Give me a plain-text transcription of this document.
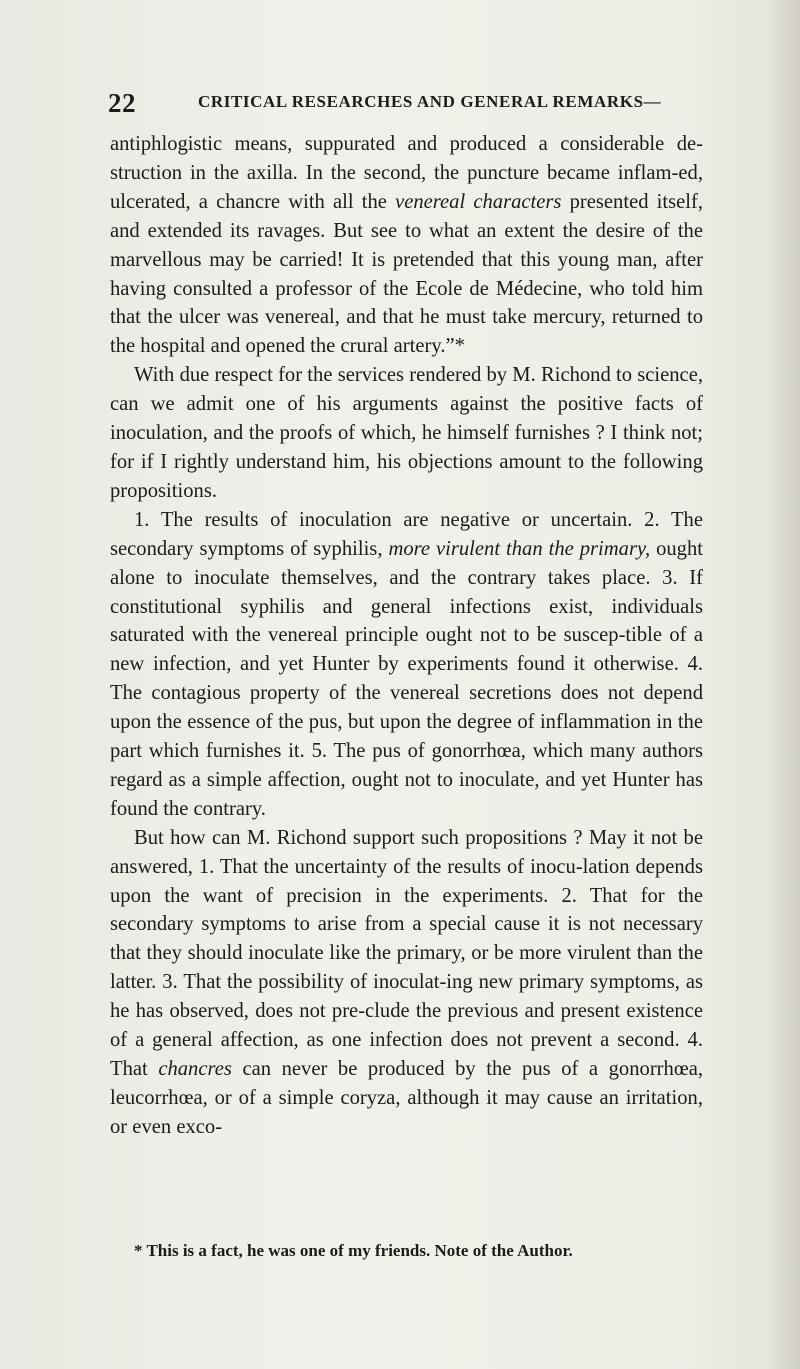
22	CRITICAL RESEARCHES AND GENERAL REMARKS—

antiphlogistic means, suppurated and produced a considerable de-struction in the axilla. In the second, the puncture became inflam-ed, ulcerated, a chancre with all the venereal characters presented itself, and extended its ravages. But see to what an extent the desire of the marvellous may be carried! It is pretended that this young man, after having consulted a professor of the Ecole de Médecine, who told him that the ulcer was venereal, and that he must take mercury, returned to the hospital and opened the crural artery.”*

With due respect for the services rendered by M. Richond to science, can we admit one of his arguments against the positive facts of inoculation, and the proofs of which, he himself furnishes ? I think not; for if I rightly understand him, his objections amount to the following propositions.

1. The results of inoculation are negative or uncertain. 2. The secondary symptoms of syphilis, more virulent than the primary, ought alone to inoculate themselves, and the contrary takes place. 3. If constitutional syphilis and general infections exist, individuals saturated with the venereal principle ought not to be suscep-tible of a new infection, and yet Hunter by experiments found it otherwise. 4. The contagious property of the venereal secretions does not depend upon the essence of the pus, but upon the degree of inflammation in the part which furnishes it. 5. The pus of gonorrhœa, which many authors regard as a simple affection, ought not to inoculate, and yet Hunter has found the contrary.

But how can M. Richond support such propositions ? May it not be answered, 1. That the uncertainty of the results of inocu-lation depends upon the want of precision in the experiments. 2. That for the secondary symptoms to arise from a special cause it is not necessary that they should inoculate like the primary, or be more virulent than the latter. 3. That the possibility of inoculat-ing new primary symptoms, as he has observed, does not pre-clude the previous and present existence of a general affection, as one infection does not prevent a second. 4. That chancres can never be produced by the pus of a gonorrhœa, leucorrhœa, or of a simple coryza, although it may cause an irritation, or even exco-

* This is a fact, he was one of my friends. Note of the Author.
